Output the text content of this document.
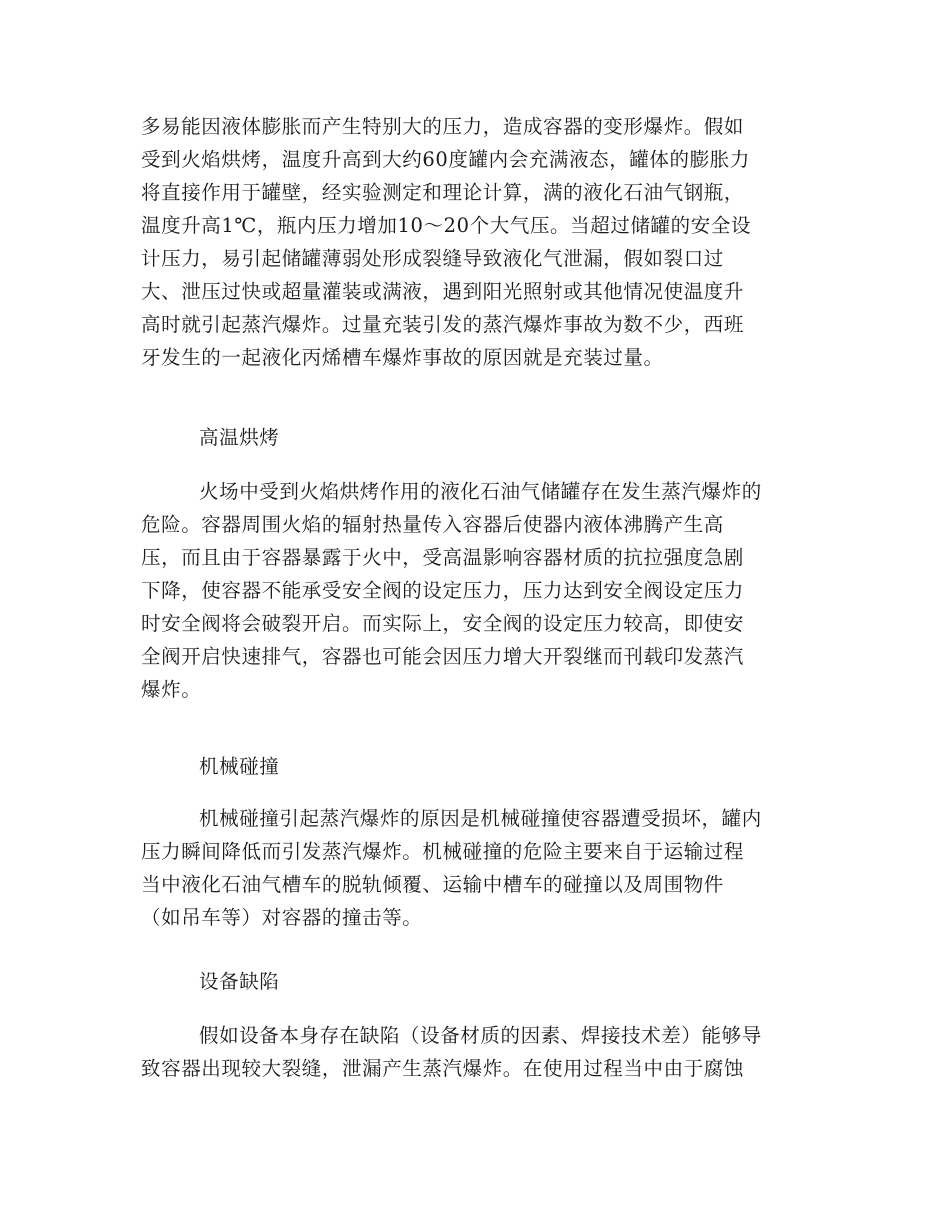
多易能因液体膨胀而产生特别大的压力，造成容器的变形爆炸。假如
受到火焰烘烤，温度升高到大约60度罐内会充满液态，罐体的膨胀力
将直接作用于罐壁，经实验测定和理论计算，满的液化石油气钢瓶，
温度升高1℃，瓶内压力增加10～20个大气压。当超过储罐的安全设
计压力，易引起储罐薄弱处形成裂缝导致液化气泄漏，假如裂口过
大、泄压过快或超量灌装或满液，遇到阳光照射或其他情况使温度升
高时就引起蒸汽爆炸。过量充装引发的蒸汽爆炸事故为数不少，西班
牙发生的一起液化丙烯槽车爆炸事故的原因就是充装过量。
高温烘烤
火场中受到火焰烘烤作用的液化石油气储罐存在发生蒸汽爆炸的
危险。容器周围火焰的辐射热量传入容器后使器内液体沸腾产生高
压，而且由于容器暴露于火中，受高温影响容器材质的抗拉强度急剧
下降，使容器不能承受安全阀的设定压力，压力达到安全阀设定压力
时安全阀将会破裂开启。而实际上，安全阀的设定压力较高，即使安
全阀开启快速排气，容器也可能会因压力增大开裂继而刊载印发蒸汽
爆炸。
机械碰撞
机械碰撞引起蒸汽爆炸的原因是机械碰撞使容器遭受损坏，罐内
压力瞬间降低而引发蒸汽爆炸。机械碰撞的危险主要来自于运输过程
当中液化石油气槽车的脱轨倾覆、运输中槽车的碰撞以及周围物件
（如吊车等）对容器的撞击等。
设备缺陷
假如设备本身存在缺陷（设备材质的因素、焊接技术差）能够导
致容器出现较大裂缝，泄漏产生蒸汽爆炸。在使用过程当中由于腐蚀
